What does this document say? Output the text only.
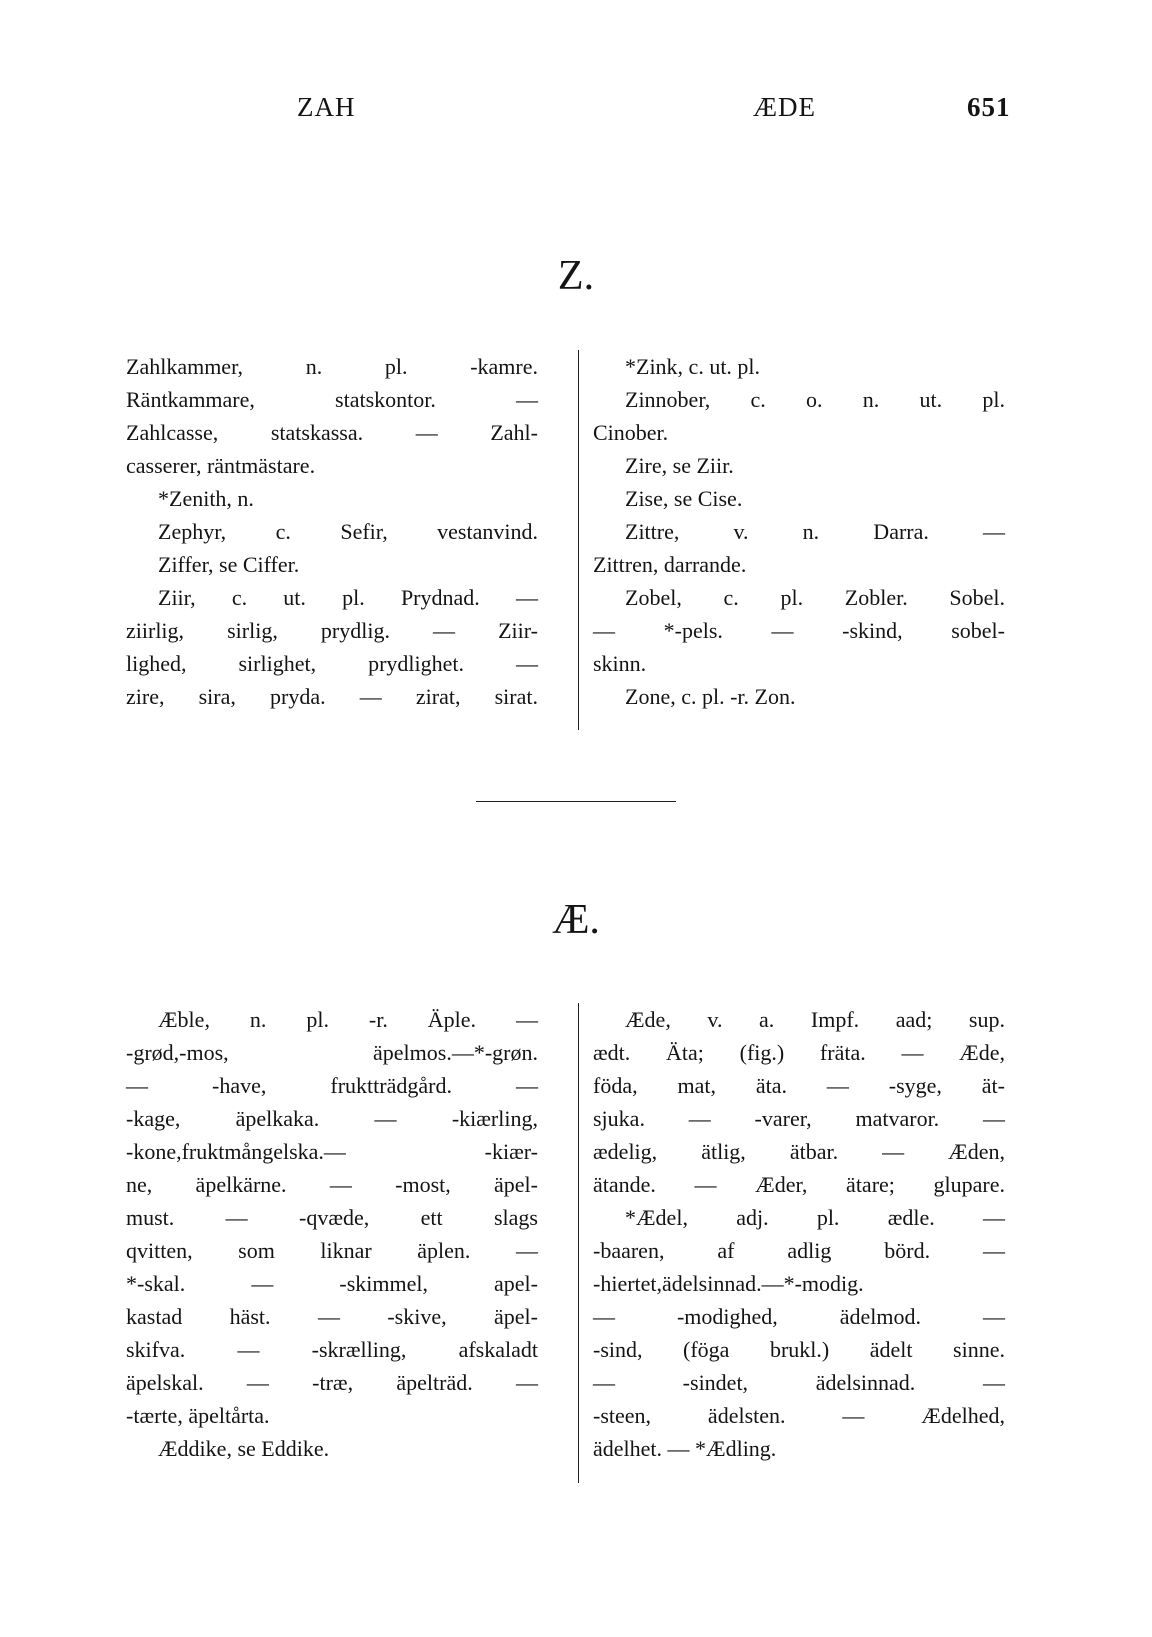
ZAH	ÆDE	651
Z.
Zahlkammer, n. pl. -kamre.
Räntkammare, statskontor. —
Zahlcasse, statskassa. — Zahl-
casserer, räntmästare.
*Zenith, n.
Zephyr, c. Sefir, vestanvind.
Ziffer, se Ciffer.
Ziir, c. ut. pl. Prydnad. —
ziirlig, sirlig, prydlig. — Ziir-
lighed, sirlighet, prydlighet. —
zire, sira, pryda. — zirat, sirat.
*Zink, c. ut. pl.
Zinnober, c. o. n. ut. pl.
Cinober.
Zire, se Ziir.
Zise, se Cise.
Zittre, v. n. Darra. —
Zittren, darrande.
Zobel, c. pl. Zobler. Sobel.
— *-pels. — -skind, sobel-
skinn.
Zone, c. pl. -r. Zon.
Æ.
Æble, n. pl. -r. Äple. —
-grød,-mos, äpelmos.—*-grøn.
— -have, fruktträdgård. —
-kage, äpelkaka. — -kiærling,
-kone,fruktmångelska.— -kiær-
ne, äpelkärne. — -most, äpel-
must. — -qvæde, ett slags
qvitten, som liknar äplen. —
*-skal. — -skimmel, apel-
kastad häst. — -skive, äpel-
skifva. — -skrælling, afskaladt
äpelskal. — -træ, äpelträd. —
-tærte, äpeltårta.
Æddike, se Eddike.
Æde, v. a. Impf. aad; sup.
ædt. Äta; (fig.) fräta. — Æde,
föda, mat, äta. — -syge, ät-
sjuka. — -varer, matvaror. —
ædelig, ätlig, ätbar. — Æden,
ätande. — Æder, ätare; glupare.
*Ædel, adj. pl. ædle. —
-baaren, af adlig börd. —
-hiertet,ädelsinnad.—*-modig.
— -modighed, ädelmod. —
-sind, (föga brukl.) ädelt sinne.
— -sindet, ädelsinnad. —
-steen, ädelsten. — Ædelhed,
ädelhet. — *Ædling.
